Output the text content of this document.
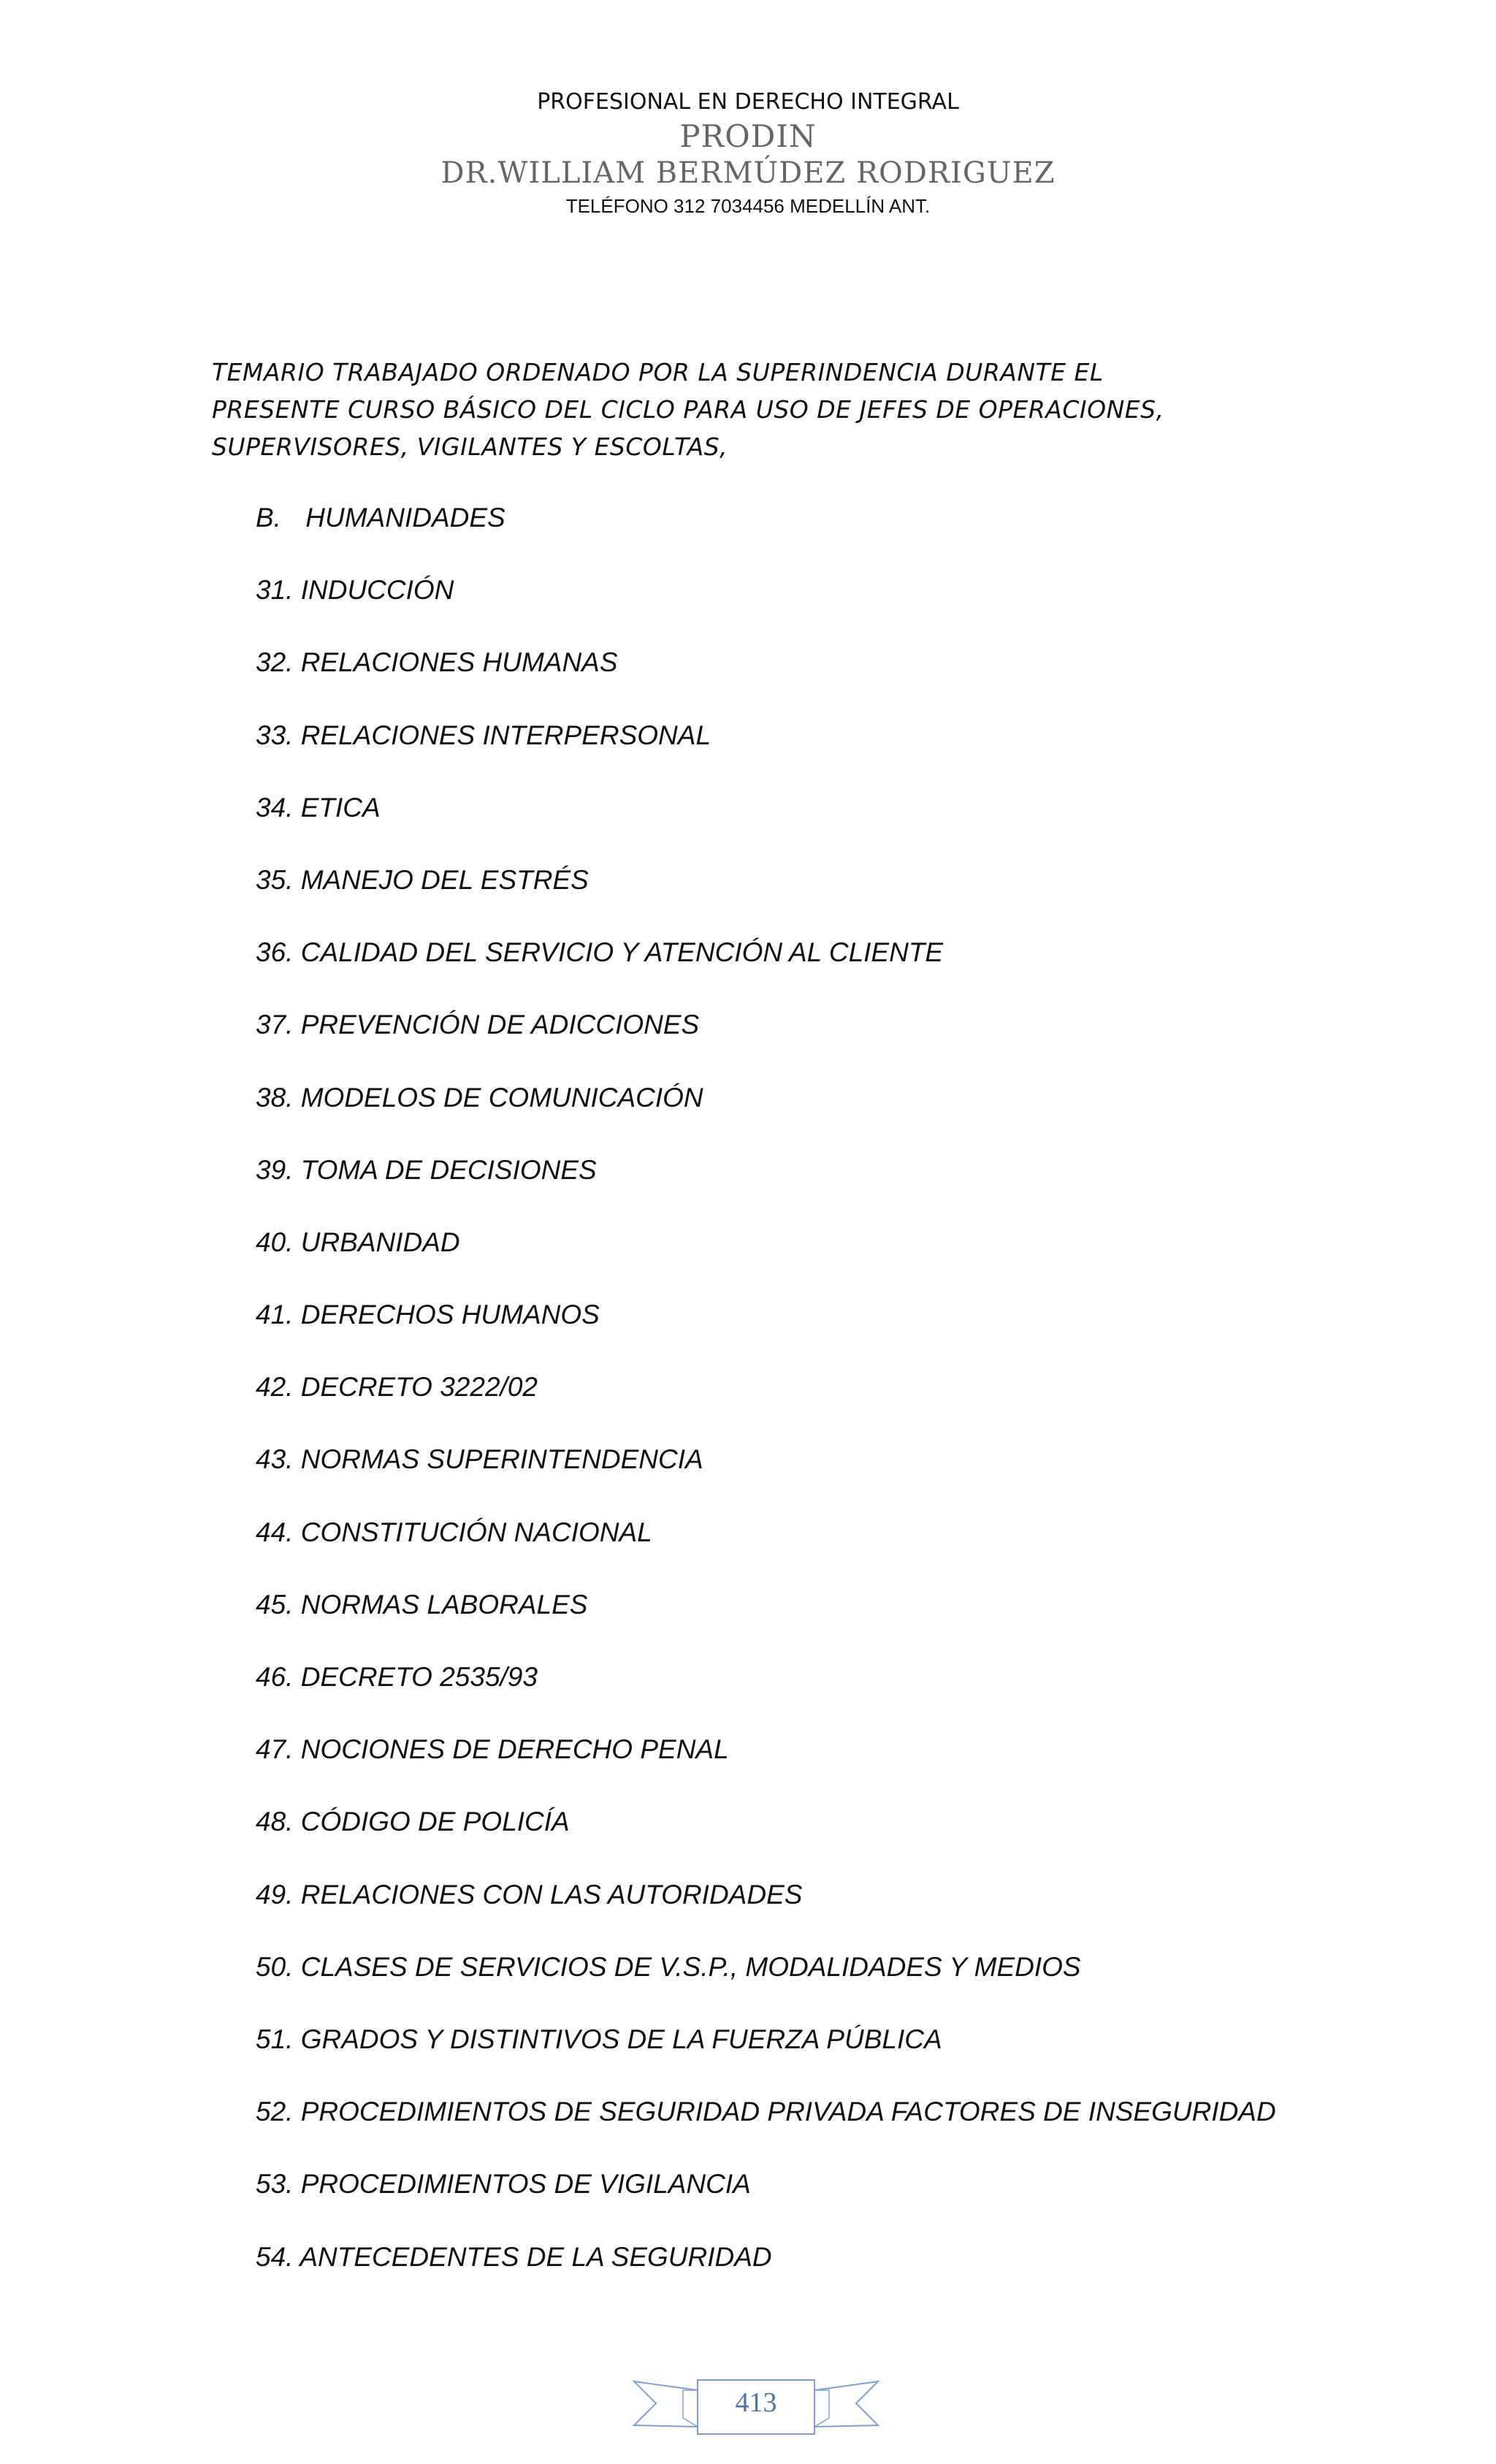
PROFESIONAL EN DERECHO INTEGRAL
PRODIN
DR.WILLIAM BERMÚDEZ RODRIGUEZ
TELÉFONO 312 7034456 MEDELLÍN ANT.
TEMARIO TRABAJADO ORDENADO POR LA SUPERINDENCIA DURANTE EL
PRESENTE CURSO BÁSICO DEL CICLO PARA USO DE JEFES DE OPERACIONES,
SUPERVISORES, VIGILANTES Y ESCOLTAS,
B. HUMANIDADES
31. INDUCCIÓN
32. RELACIONES HUMANAS
33. RELACIONES INTERPERSONAL
34. ETICA
35. MANEJO DEL ESTRÉS
36. CALIDAD DEL SERVICIO Y ATENCIÓN AL CLIENTE
37. PREVENCIÓN DE ADICCIONES
38. MODELOS DE COMUNICACIÓN
39. TOMA DE DECISIONES
40. URBANIDAD
41. DERECHOS HUMANOS
42. DECRETO 3222/02
43. NORMAS SUPERINTENDENCIA
44. CONSTITUCIÓN NACIONAL
45. NORMAS LABORALES
46. DECRETO 2535/93
47. NOCIONES DE DERECHO PENAL
48. CÓDIGO DE POLICÍA
49. RELACIONES CON LAS AUTORIDADES
50. CLASES DE SERVICIOS DE V.S.P., MODALIDADES Y MEDIOS
51. GRADOS Y DISTINTIVOS DE LA FUERZA PÚBLICA
52. PROCEDIMIENTOS DE SEGURIDAD PRIVADA FACTORES DE INSEGURIDAD
53. PROCEDIMIENTOS DE VIGILANCIA
54. ANTECEDENTES DE LA SEGURIDAD
413
